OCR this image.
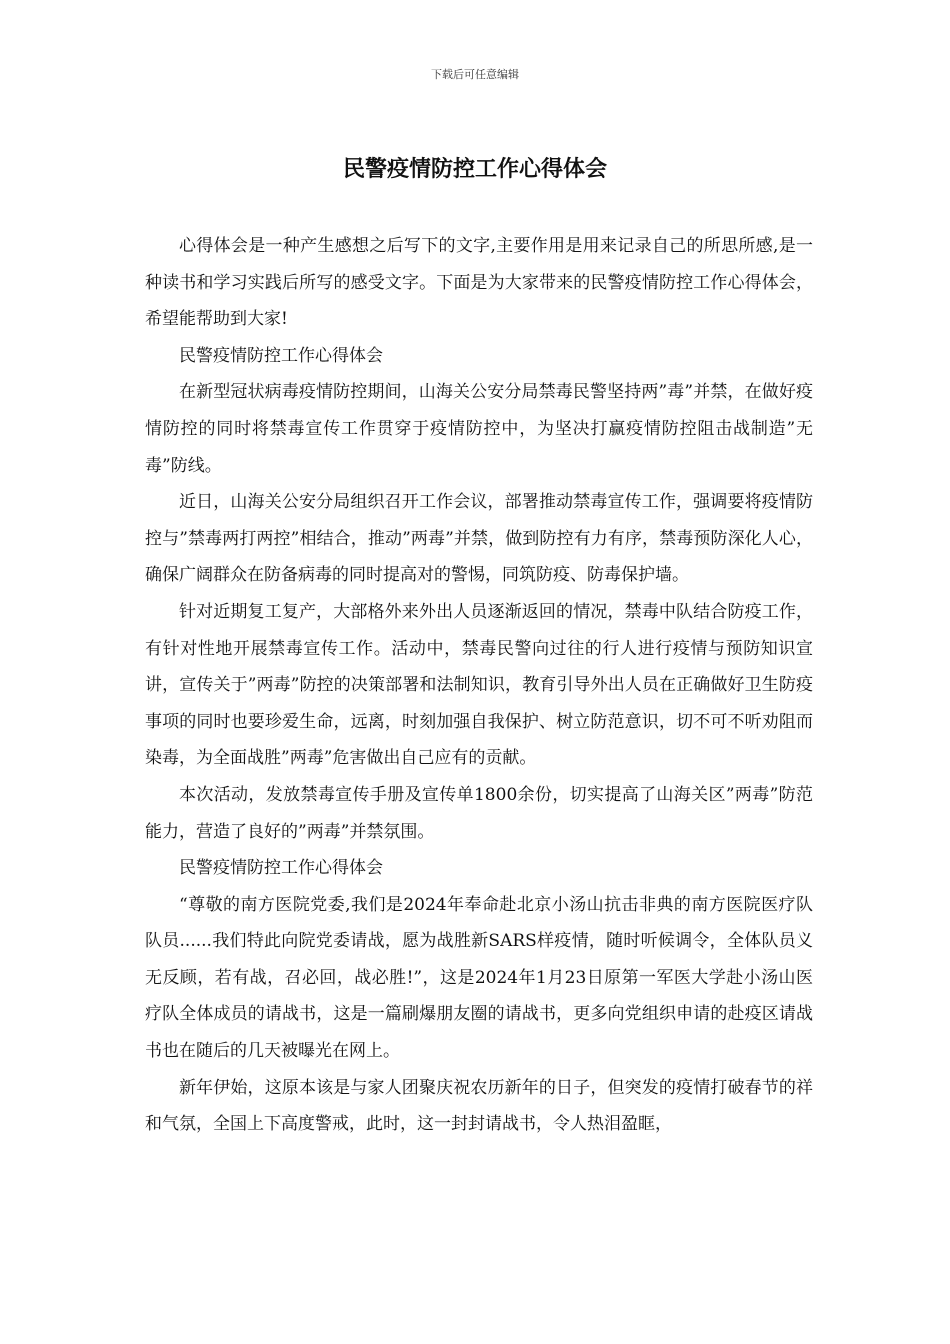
下载后可任意编辑
民警疫情防控工作心得体会

心得体会是一种产生感想之后写下的文字,主要作用是用来记录自己的所思所感,是一种读书和学习实践后所写的感受文字。下面是为大家带来的民警疫情防控工作心得体会，希望能帮助到大家!

民警疫情防控工作心得体会

在新型冠状病毒疫情防控期间，山海关公安分局禁毒民警坚持两”毒”并禁，在做好疫情防控的同时将禁毒宣传工作贯穿于疫情防控中，为坚决打赢疫情防控阻击战制造”无毒”防线。

近日，山海关公安分局组织召开工作会议，部署推动禁毒宣传工作，强调要将疫情防控与”禁毒两打两控”相结合，推动”两毒”并禁，做到防控有力有序，禁毒预防深化人心，确保广阔群众在防备病毒的同时提高对的警惕，同筑防疫、防毒保护墙。

针对近期复工复产，大部格外来外出人员逐渐返回的情况，禁毒中队结合防疫工作，有针对性地开展禁毒宣传工作。活动中，禁毒民警向过往的行人进行疫情与预防知识宣讲，宣传关于”两毒”防控的决策部署和法制知识，教育引导外出人员在正确做好卫生防疫事项的同时也要珍爱生命，远离，时刻加强自我保护、树立防范意识，切不可不听劝阻而染毒，为全面战胜”两毒”危害做出自己应有的贡献。

本次活动，发放禁毒宣传手册及宣传单1800余份，切实提高了山海关区”两毒”防范能力，营造了良好的”两毒”并禁氛围。

民警疫情防控工作心得体会

“尊敬的南方医院党委,我们是2024年奉命赴北京小汤山抗击非典的南方医院医疗队队员......我们特此向院党委请战，愿为战胜新SARS样疫情，随时听候调令，全体队员义无反顾，若有战，召必回，战必胜!”，这是2024年1月23日原第一军医大学赴小汤山医疗队全体成员的请战书，这是一篇刷爆朋友圈的请战书，更多向党组织申请的赴疫区请战书也在随后的几天被曝光在网上。

新年伊始，这原本该是与家人团聚庆祝农历新年的日子，但突发的疫情打破春节的祥和气氛，全国上下高度警戒，此时，这一封封请战书，令人热泪盈眶，
